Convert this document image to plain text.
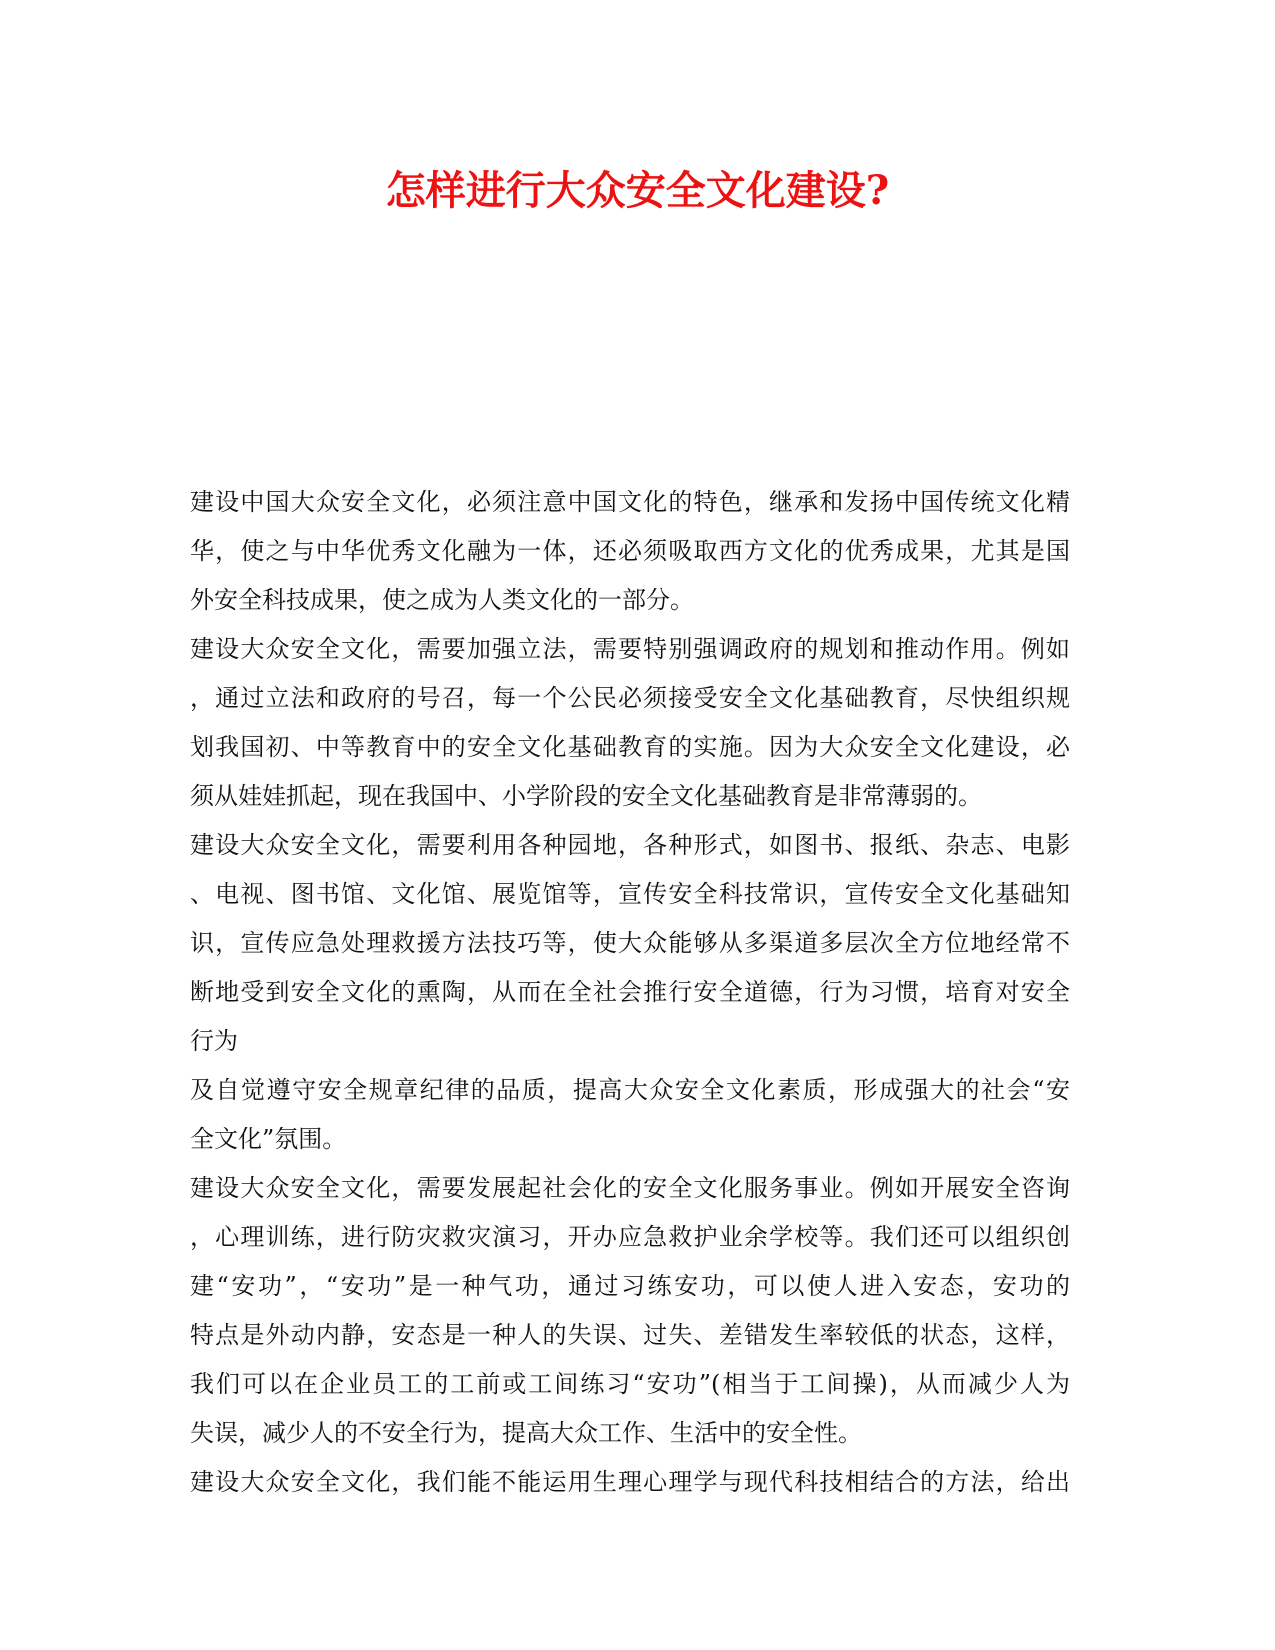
怎样进行大众安全文化建设?
建设中国大众安全文化，必须注意中国文化的特色，继承和发扬中国传统文化精
华，使之与中华优秀文化融为一体，还必须吸取西方文化的优秀成果，尤其是国
外安全科技成果，使之成为人类文化的一部分。
建设大众安全文化，需要加强立法，需要特别强调政府的规划和推动作用。例如
，通过立法和政府的号召，每一个公民必须接受安全文化基础教育，尽快组织规
划我国初、中等教育中的安全文化基础教育的实施。因为大众安全文化建设，必
须从娃娃抓起，现在我国中、小学阶段的安全文化基础教育是非常薄弱的。
建设大众安全文化，需要利用各种园地，各种形式，如图书、报纸、杂志、电影
、电视、图书馆、文化馆、展览馆等，宣传安全科技常识，宣传安全文化基础知
识，宣传应急处理救援方法技巧等，使大众能够从多渠道多层次全方位地经常不
断地受到安全文化的熏陶，从而在全社会推行安全道德，行为习惯，培育对安全
行为
及自觉遵守安全规章纪律的品质，提高大众安全文化素质，形成强大的社会“安
全文化”氛围。
建设大众安全文化，需要发展起社会化的安全文化服务事业。例如开展安全咨询
，心理训练，进行防灾救灾演习，开办应急救护业余学校等。我们还可以组织创
建“安功”，“安功”是一种气功，通过习练安功，可以使人进入安态，安功的
特点是外动内静，安态是一种人的失误、过失、差错发生率较低的状态，这样，
我们可以在企业员工的工前或工间练习“安功”(相当于工间操)，从而减少人为
失误，减少人的不安全行为，提高大众工作、生活中的安全性。
建设大众安全文化，我们能不能运用生理心理学与现代科技相结合的方法，给出
